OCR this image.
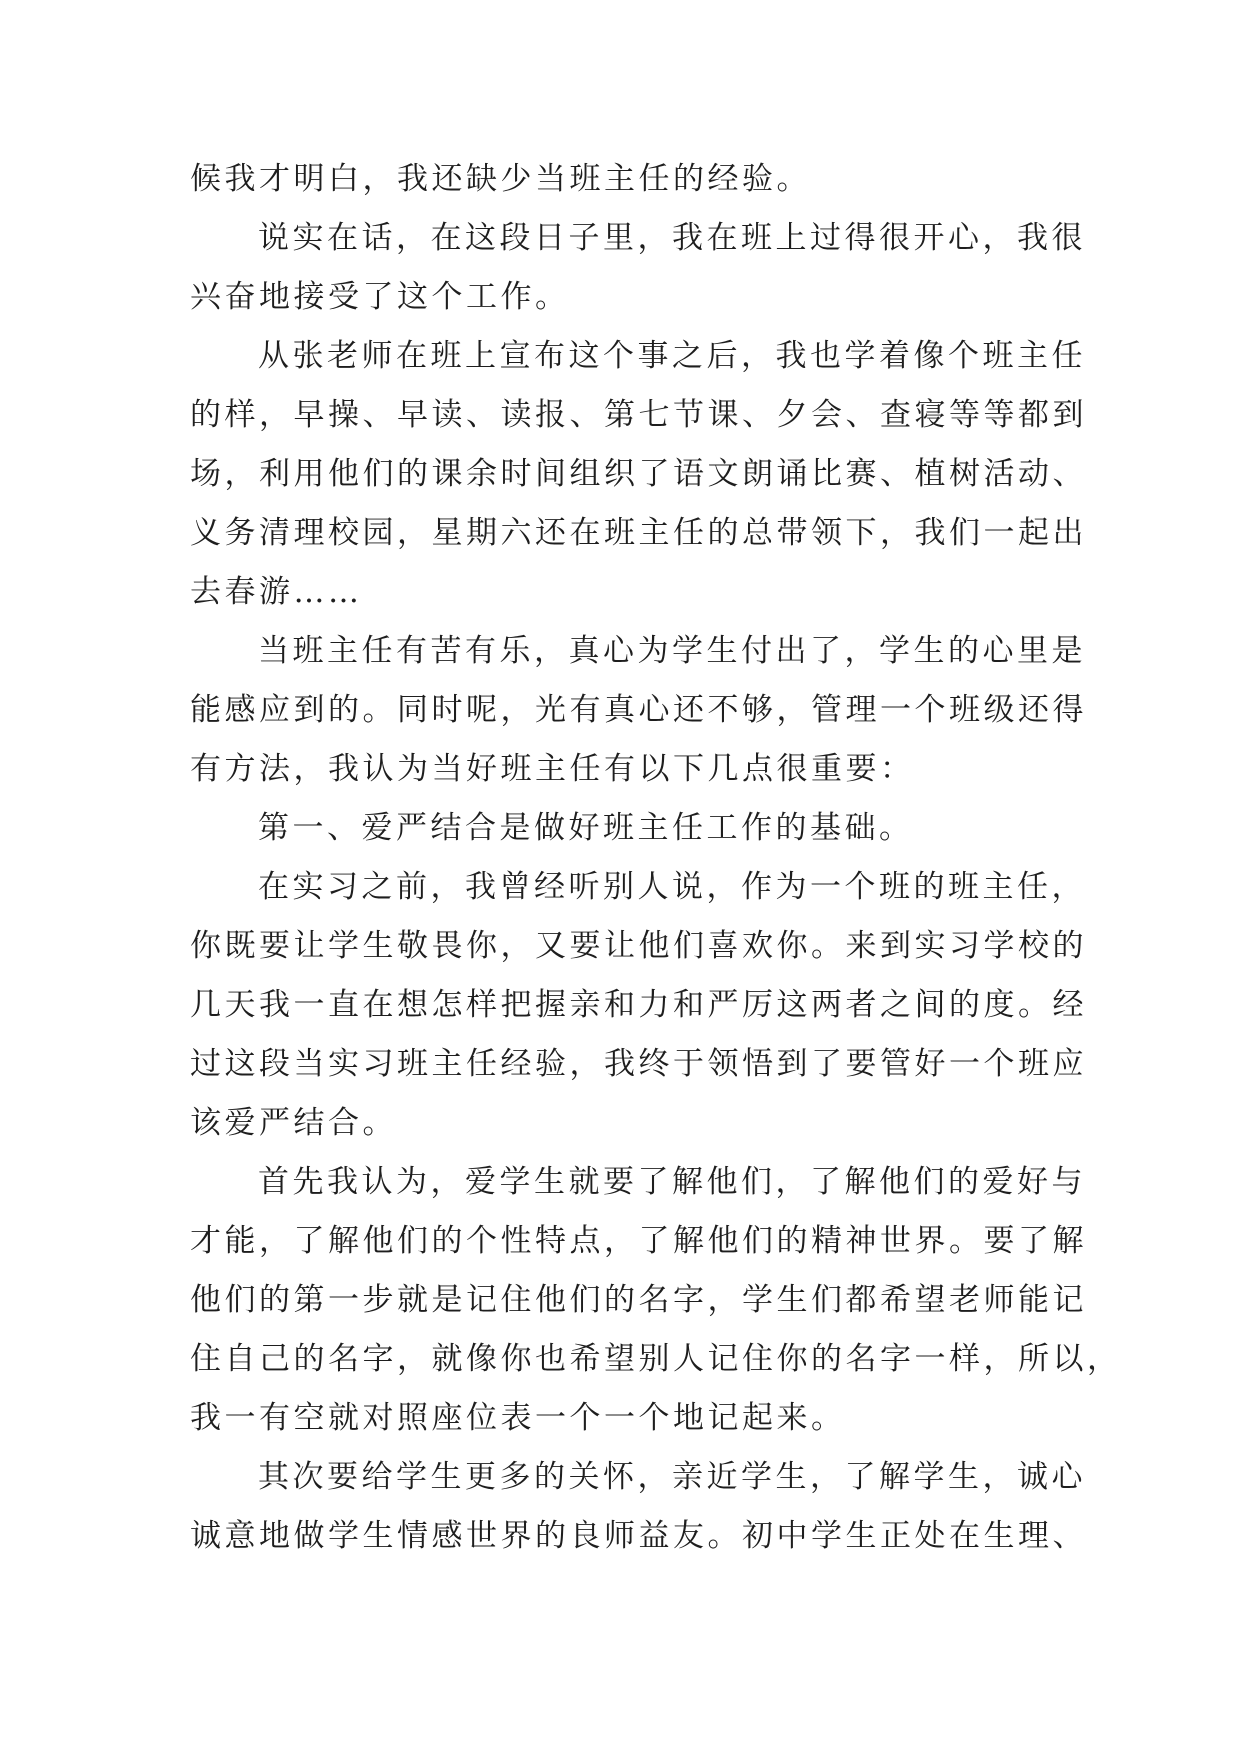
候我才明白，我还缺少当班主任的经验。
说实在话，在这段日子里，我在班上过得很开心，我很
兴奋地接受了这个工作。
从张老师在班上宣布这个事之后，我也学着像个班主任
的样，早操、早读、读报、第七节课、夕会、查寝等等都到
场，利用他们的课余时间组织了语文朗诵比赛、植树活动、
义务清理校园，星期六还在班主任的总带领下，我们一起出
去春游……
当班主任有苦有乐，真心为学生付出了，学生的心里是
能感应到的。同时呢，光有真心还不够，管理一个班级还得
有方法，我认为当好班主任有以下几点很重要：
第一、爱严结合是做好班主任工作的基础。
在实习之前，我曾经听别人说，作为一个班的班主任，
你既要让学生敬畏你，又要让他们喜欢你。来到实习学校的
几天我一直在想怎样把握亲和力和严厉这两者之间的度。经
过这段当实习班主任经验，我终于领悟到了要管好一个班应
该爱严结合。
首先我认为，爱学生就要了解他们，了解他们的爱好与
才能，了解他们的个性特点，了解他们的精神世界。要了解
他们的第一步就是记住他们的名字，学生们都希望老师能记
住自己的名字，就像你也希望别人记住你的名字一样，所以，
我一有空就对照座位表一个一个地记起来。
其次要给学生更多的关怀，亲近学生，了解学生，诚心
诚意地做学生情感世界的良师益友。初中学生正处在生理、
